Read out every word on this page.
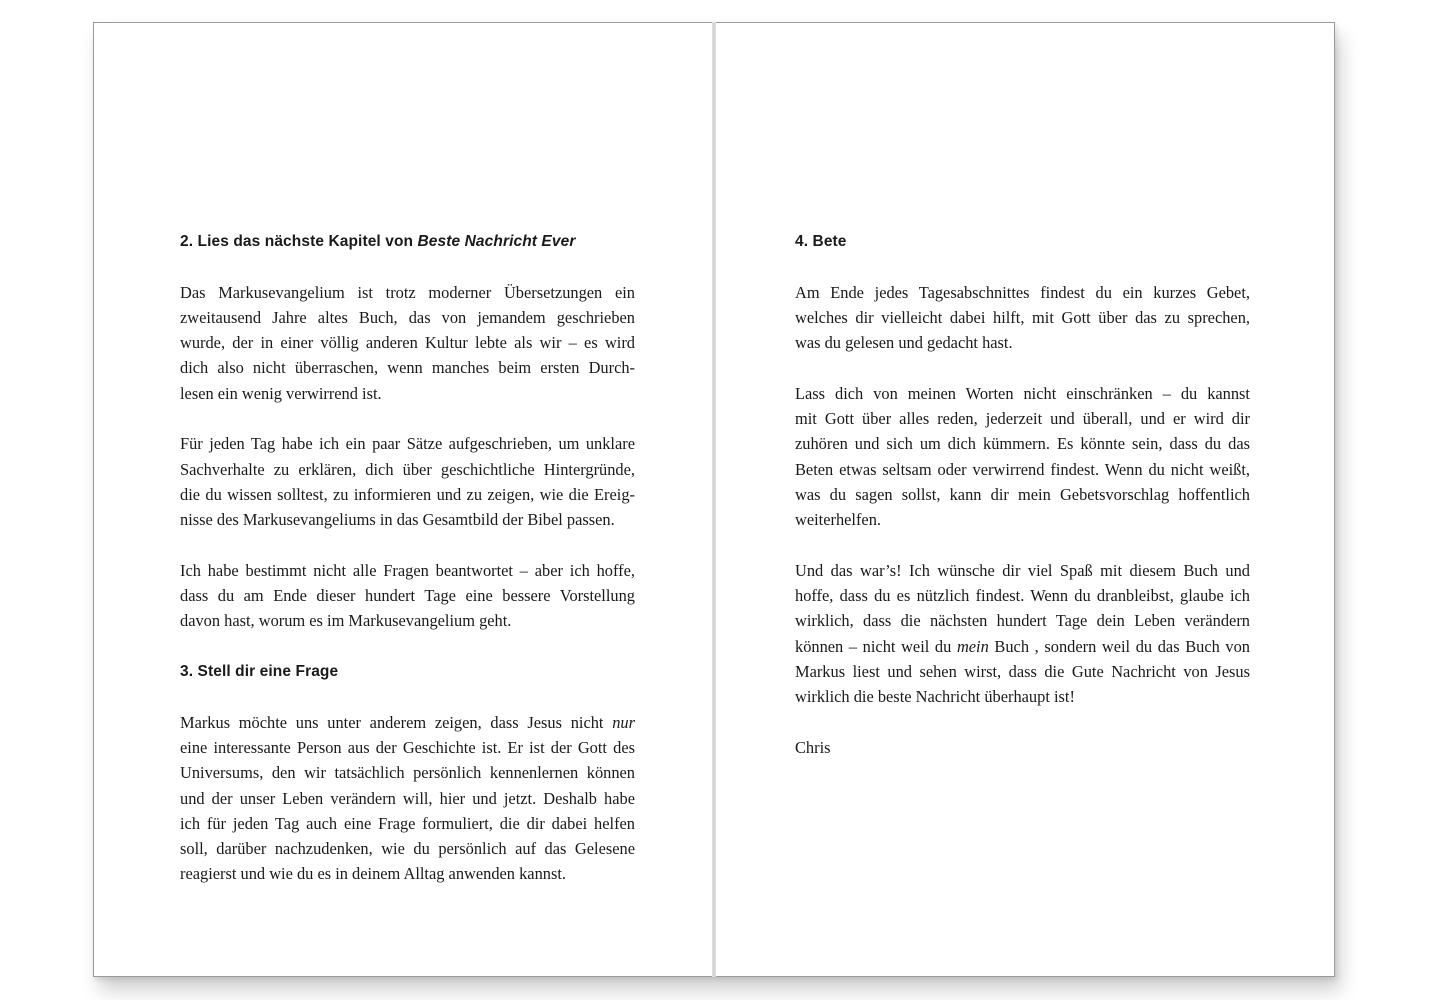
2. Lies das nächste Kapitel von Beste Nachricht Ever
Das Markusevangelium ist trotz moderner Übersetzungen ein
zweitausend Jahre altes Buch, das von jemandem geschrieben
wurde, der in einer völlig anderen Kultur lebte als wir – es wird
dich also nicht überraschen, wenn manches beim ersten Durch-
lesen ein wenig verwirrend ist.
Für jeden Tag habe ich ein paar Sätze aufgeschrieben, um unklare
Sachverhalte zu erklären, dich über geschichtliche Hintergründe,
die du wissen solltest, zu informieren und zu zeigen, wie die Ereig-
nisse des Markusevangeliums in das Gesamtbild der Bibel passen.
Ich habe bestimmt nicht alle Fragen beantwortet – aber ich hoffe,
dass du am Ende dieser hundert Tage eine bessere Vorstellung
davon hast, worum es im Markusevangelium geht.
3. Stell dir eine Frage
Markus möchte uns unter anderem zeigen, dass Jesus nicht nur
eine interessante Person aus der Geschichte ist. Er ist der Gott des
Universums, den wir tatsächlich persönlich kennenlernen können
und der unser Leben verändern will, hier und jetzt. Deshalb habe
ich für jeden Tag auch eine Frage formuliert, die dir dabei helfen
soll, darüber nachzudenken, wie du persönlich auf das Gelesene
reagierst und wie du es in deinem Alltag anwenden kannst.
4. Bete
Am Ende jedes Tagesabschnittes findest du ein kurzes Gebet,
welches dir vielleicht dabei hilft, mit Gott über das zu sprechen,
was du gelesen und gedacht hast.
Lass dich von meinen Worten nicht einschränken – du kannst
mit Gott über alles reden, jederzeit und überall, und er wird dir
zuhören und sich um dich kümmern. Es könnte sein, dass du das
Beten etwas seltsam oder verwirrend findest. Wenn du nicht weißt,
was du sagen sollst, kann dir mein Gebetsvorschlag hoffentlich
weiterhelfen.
Und das war’s! Ich wünsche dir viel Spaß mit diesem Buch und
hoffe, dass du es nützlich findest. Wenn du dranbleibst, glaube ich
wirklich, dass die nächsten hundert Tage dein Leben verändern
können – nicht weil du mein Buch , sondern weil du das Buch von
Markus liest und sehen wirst, dass die Gute Nachricht von Jesus
wirklich die beste Nachricht überhaupt ist!
Chris
